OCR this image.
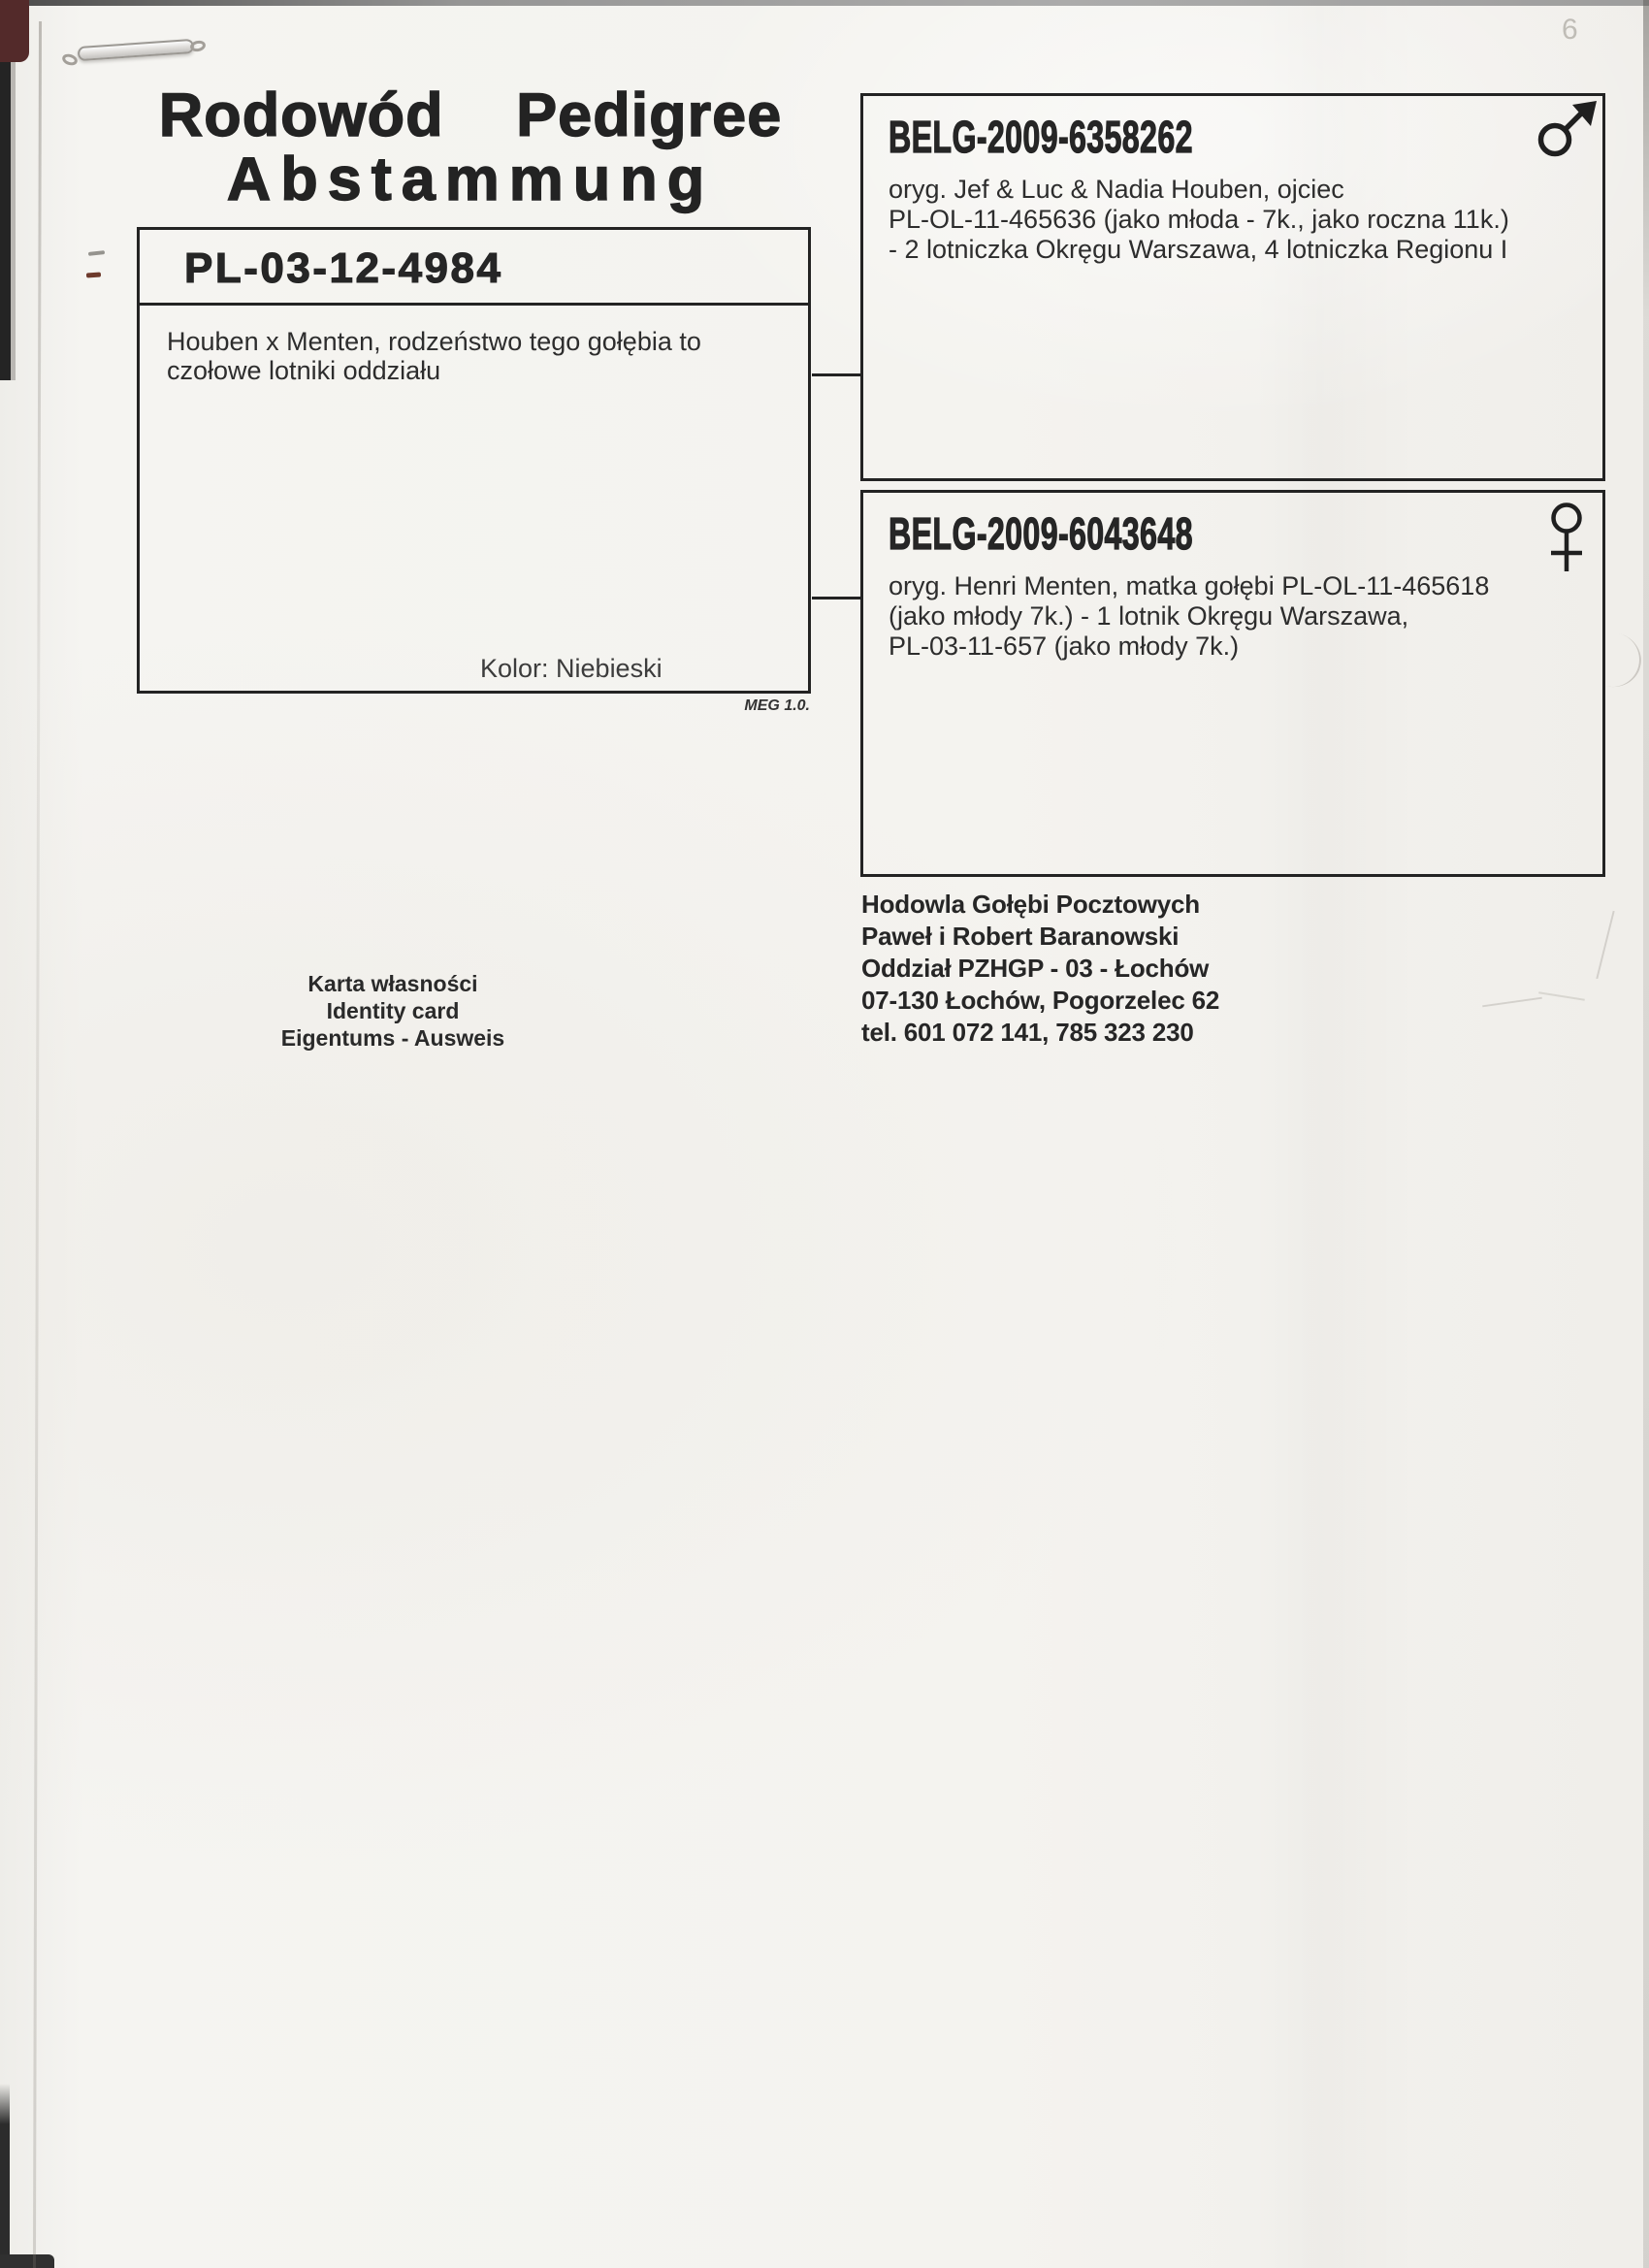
6
Rodowód Pedigree
Abstammung
PL-03-12-4984
Houben x Menten, rodzeństwo tego gołębia to
czołowe lotniki oddziału
Kolor: Niebieski
MEG 1.0.
BELG-2009-6358262
oryg. Jef & Luc & Nadia Houben, ojciec
PL-OL-11-465636 (jako młoda - 7k., jako roczna 11k.)
- 2 lotniczka Okręgu Warszawa, 4 lotniczka Regionu I
BELG-2009-6043648
oryg. Henri Menten, matka gołębi PL-OL-11-465618
(jako młody 7k.) - 1 lotnik Okręgu Warszawa,
PL-03-11-657 (jako młody 7k.)
Karta własności
Identity card
Eigentums - Ausweis
Hodowla Gołębi Pocztowych
Paweł i Robert Baranowski
Oddział PZHGP - 03 - Łochów
07-130 Łochów, Pogorzelec 62
tel. 601 072 141, 785 323 230
